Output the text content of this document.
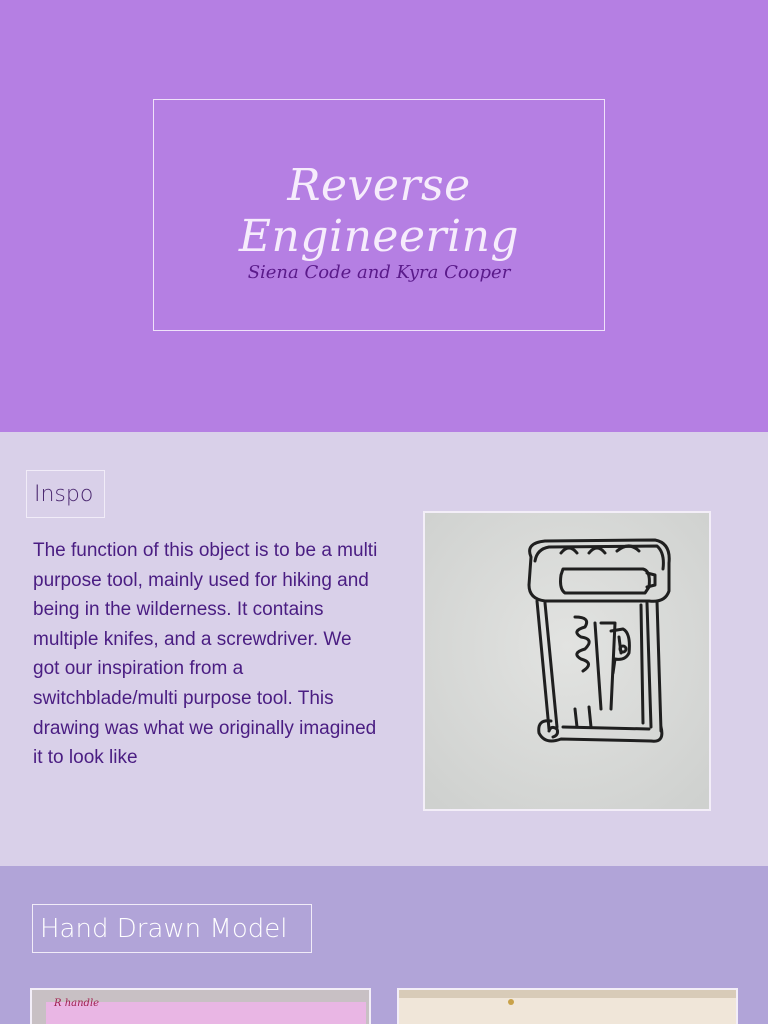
Reverse Engineering
Siena Code and Kyra Cooper
Inspo
The function of this object is to be a multi purpose tool, mainly used for hiking and being in the wilderness. It contains multiple knifes, and a screwdriver. We got our inspiration from a switchblade/multi purpose tool. This drawing was what we originally imagined it to look like
Hand Drawn Model
R handle
